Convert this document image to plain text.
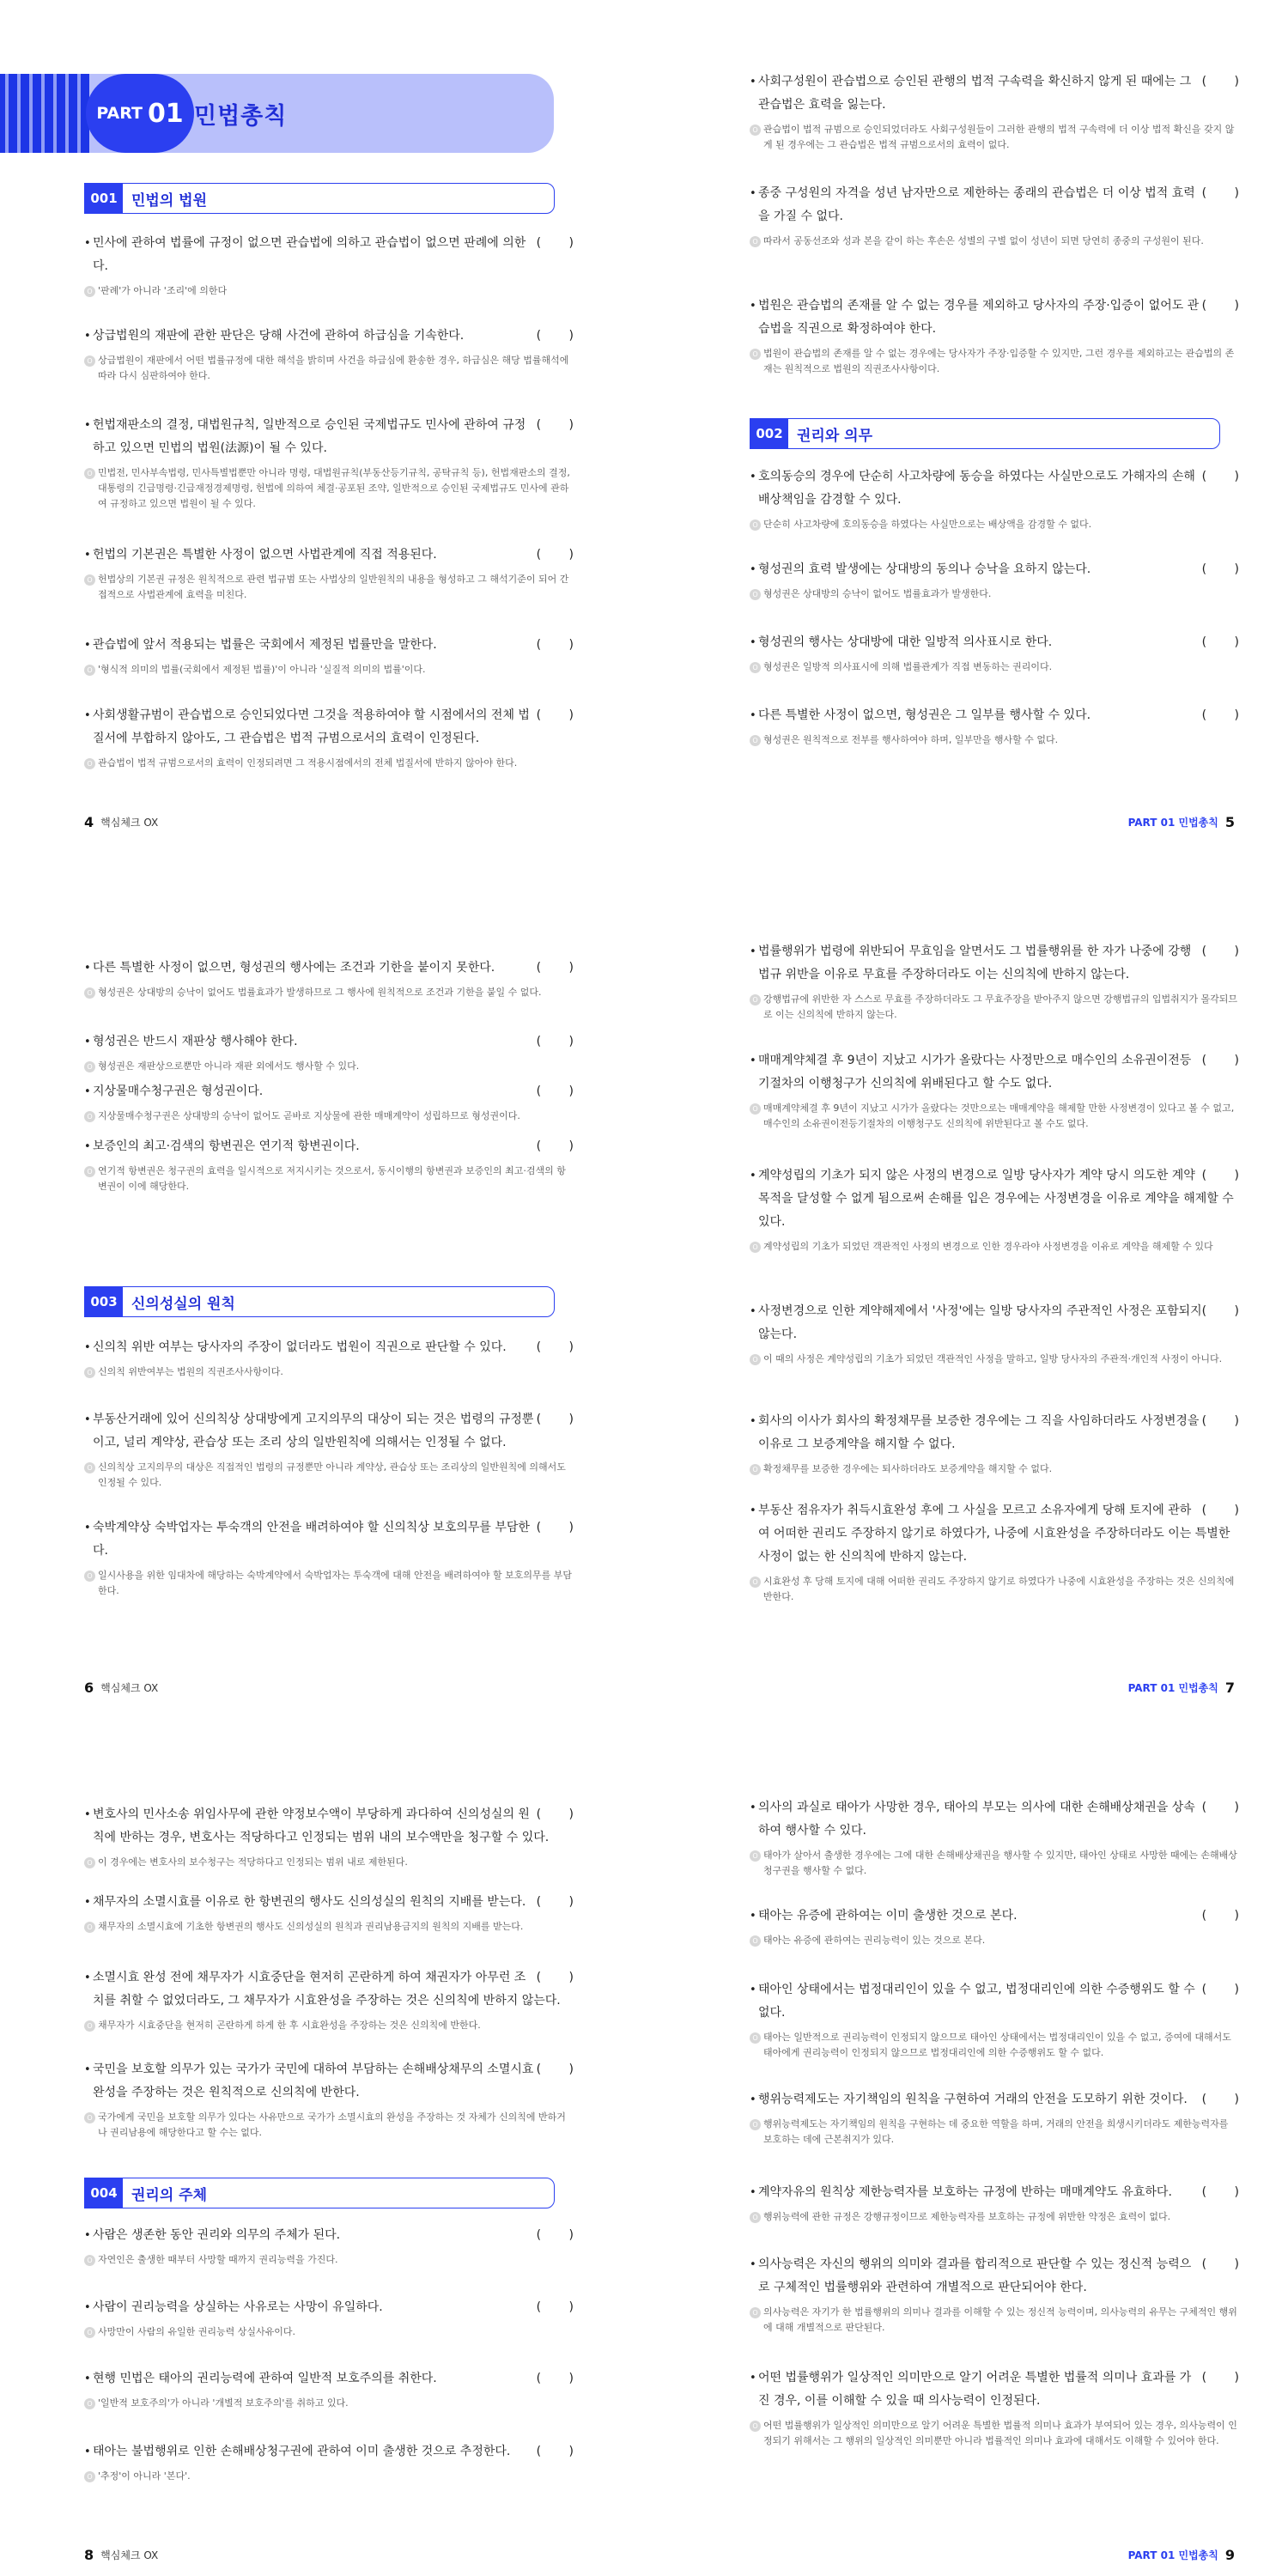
PART 01 민법총칙
001 민법의 법원
• ( )
민사에 관하여 법률에 규정이 없으면 관습법에 의하고 관습법이 없으면 판례에 의한다.
O '판례'가 아니라 '조리'에 의한다
• ( )
상급법원의 재판에 관한 판단은 당해 사건에 관하여 하급심을 기속한다.
O 상급법원이 재판에서 어떤 법률규정에 대한 해석을 밝히며 사건을 하급심에 환송한 경우, 하급심은 해당 법률해석에 따라 다시 심판하여야 한다.
• ( )
헌법재판소의 결정, 대법원규칙, 일반적으로 승인된 국제법규도 민사에 관하여 규정하고 있으면 민법의 법원(法源)이 될 수 있다.
O 민법전, 민사부속법령, 민사특별법뿐만 아니라 명령, 대법원규칙(부동산등기규칙, 공탁규칙 등), 헌법재판소의 결정, 대통령의 긴급명령·긴급재정경제명령, 헌법에 의하여 체결·공포된 조약, 일반적으로 승인된 국제법규도 민사에 관하여 규정하고 있으면 법원이 될 수 있다.
• ( )
헌법의 기본권은 특별한 사정이 없으면 사법관계에 직접 적용된다.
O 헌법상의 기본권 규정은 원칙적으로 관련 법규범 또는 사법상의 일반원칙의 내용을 형성하고 그 해석기준이 되어 간접적으로 사법관계에 효력을 미친다.
• ( )
관습법에 앞서 적용되는 법률은 국회에서 제정된 법률만을 말한다.
O '형식적 의미의 법률(국회에서 제정된 법률)'이 아니라 '실질적 의미의 법률'이다.
• ( )
사회생활규범이 관습법으로 승인되었다면 그것을 적용하여야 할 시점에서의 전체 법질서에 부합하지 않아도, 그 관습법은 법적 규범으로서의 효력이 인정된다.
O 관습법이 법적 규범으로서의 효력이 인정되려면 그 적용시점에서의 전체 법질서에 반하지 않아야 한다.
• ( )
사회구성원이 관습법으로 승인된 관행의 법적 구속력을 확신하지 않게 된 때에는 그 관습법은 효력을 잃는다.
O 관습법이 법적 규범으로 승인되었더라도 사회구성원들이 그러한 관행의 법적 구속력에 더 이상 법적 확신을 갖지 않게 된 경우에는 그 관습법은 법적 규범으로서의 효력이 없다.
• ( )
종중 구성원의 자격을 성년 남자만으로 제한하는 종래의 관습법은 더 이상 법적 효력을 가질 수 없다.
O 따라서 공동선조와 성과 본을 같이 하는 후손은 성별의 구별 없이 성년이 되면 당연히 종중의 구성원이 된다.
• ( )
법원은 관습법의 존재를 알 수 없는 경우를 제외하고 당사자의 주장·입증이 없어도 관습법을 직권으로 확정하여야 한다.
O 법원이 관습법의 존재를 알 수 없는 경우에는 당사자가 주장·입증할 수 있지만, 그런 경우를 제외하고는 관습법의 존재는 원칙적으로 법원의 직권조사사항이다.
002 권리와 의무
• ( )
호의동승의 경우에 단순히 사고차량에 동승을 하였다는 사실만으로도 가해자의 손해배상책임을 감경할 수 있다.
O 단순히 사고차량에 호의동승을 하였다는 사실만으로는 배상액을 감경할 수 없다.
• ( )
형성권의 효력 발생에는 상대방의 동의나 승낙을 요하지 않는다.
O 형성권은 상대방의 승낙이 없어도 법률효과가 발생한다.
• ( )
형성권의 행사는 상대방에 대한 일방적 의사표시로 한다.
O 형성권은 일방적 의사표시에 의해 법률관계가 직접 변동하는 권리이다.
• ( )
다른 특별한 사정이 없으면, 형성권은 그 일부를 행사할 수 있다.
O 형성권은 원칙적으로 전부를 행사하여야 하며, 일부만을 행사할 수 없다.
4 핵심체크 OX	PART 01 민법총칙 5
• ( )
다른 특별한 사정이 없으면, 형성권의 행사에는 조건과 기한을 붙이지 못한다.
O 형성권은 상대방의 승낙이 없어도 법률효과가 발생하므로 그 행사에 원칙적으로 조건과 기한을 붙일 수 없다.
• ( )
형성권은 반드시 재판상 행사해야 한다.
O 형성권은 재판상으로뿐만 아니라 재판 외에서도 행사할 수 있다.
• ( )
지상물매수청구권은 형성권이다.
O 지상물매수청구권은 상대방의 승낙이 없어도 곧바로 지상물에 관한 매매계약이 성립하므로 형성권이다.
• ( )
보증인의 최고·검색의 항변권은 연기적 항변권이다.
O 연기적 항변권은 청구권의 효력을 일시적으로 저지시키는 것으로서, 동시이행의 항변권과 보증인의 최고·검색의 항변권이 이에 해당한다.
003 신의성실의 원칙
• ( )
신의칙 위반 여부는 당사자의 주장이 없더라도 법원이 직권으로 판단할 수 있다.
O 신의칙 위반여부는 법원의 직권조사사항이다.
• ( )
부동산거래에 있어 신의칙상 상대방에게 고지의무의 대상이 되는 것은 법령의 규정뿐이고, 널리 계약상, 관습상 또는 조리 상의 일반원칙에 의해서는 인정될 수 없다.
O 신의칙상 고지의무의 대상은 직접적인 법령의 규정뿐만 아니라 계약상, 관습상 또는 조리상의 일반원칙에 의해서도 인정될 수 있다.
• ( )
숙박계약상 숙박업자는 투숙객의 안전을 배려하여야 할 신의칙상 보호의무를 부담한다.
O 일시사용을 위한 임대차에 해당하는 숙박계약에서 숙박업자는 투숙객에 대해 안전을 배려하여야 할 보호의무를 부담한다.
• ( )
법률행위가 법령에 위반되어 무효임을 알면서도 그 법률행위를 한 자가 나중에 강행법규 위반을 이유로 무효를 주장하더라도 이는 신의칙에 반하지 않는다.
O 강행법규에 위반한 자 스스로 무효를 주장하더라도 그 무효주장을 받아주지 않으면 강행법규의 입법취지가 몰각되므로 이는 신의칙에 반하지 않는다.
• ( )
매매계약체결 후 9년이 지났고 시가가 올랐다는 사정만으로 매수인의 소유권이전등기절차의 이행청구가 신의칙에 위배된다고 할 수도 없다.
O 매매계약체결 후 9년이 지났고 시가가 올랐다는 것만으로는 매매계약을 해제할 만한 사정변경이 있다고 볼 수 없고, 매수인의 소유권이전등기절차의 이행청구도 신의칙에 위반된다고 볼 수도 없다.
• ( )
계약성립의 기초가 되지 않은 사정의 변경으로 일방 당사자가 계약 당시 의도한 계약목적을 달성할 수 없게 됨으로써 손해를 입은 경우에는 사정변경을 이유로 계약을 해제할 수 있다.
O 계약성립의 기초가 되었던 객관적인 사정의 변경으로 인한 경우라야 사정변경을 이유로 계약을 해제할 수 있다
• ( )
사정변경으로 인한 계약해제에서 '사정'에는 일방 당사자의 주관적인 사정은 포함되지 않는다.
O 이 때의 사정은 계약성립의 기초가 되었던 객관적인 사정을 말하고, 일방 당사자의 주관적·개인적 사정이 아니다.
• ( )
회사의 이사가 회사의 확정채무를 보증한 경우에는 그 직을 사임하더라도 사정변경을 이유로 그 보증계약을 해지할 수 없다.
O 확정채무를 보증한 경우에는 퇴사하더라도 보증계약을 해지할 수 없다.
• ( )
부동산 점유자가 취득시효완성 후에 그 사실을 모르고 소유자에게 당해 토지에 관하여 어떠한 권리도 주장하지 않기로 하였다가, 나중에 시효완성을 주장하더라도 이는 특별한 사정이 없는 한 신의칙에 반하지 않는다.
O 시효완성 후 당해 토지에 대해 어떠한 권리도 주장하지 않기로 하였다가 나중에 시효완성을 주장하는 것은 신의칙에 반한다.
6 핵심체크 OX	PART 01 민법총칙 7
• ( )
변호사의 민사소송 위임사무에 관한 약정보수액이 부당하게 과다하여 신의성실의 원칙에 반하는 경우, 변호사는 적당하다고 인정되는 범위 내의 보수액만을 청구할 수 있다.
O 이 경우에는 변호사의 보수청구는 적당하다고 인정되는 범위 내로 제한된다.
• ( )
채무자의 소멸시효를 이유로 한 항변권의 행사도 신의성실의 원칙의 지배를 받는다.
O 채무자의 소멸시효에 기초한 항변권의 행사도 신의성실의 원칙과 권리남용금지의 원칙의 지배를 받는다.
• ( )
소멸시효 완성 전에 채무자가 시효중단을 현저히 곤란하게 하여 채권자가 아무런 조치를 취할 수 없었더라도, 그 채무자가 시효완성을 주장하는 것은 신의칙에 반하지 않는다.
O 채무자가 시효중단을 현저히 곤란하게 하게 한 후 시효완성을 주장하는 것은 신의칙에 반한다.
• ( )
국민을 보호할 의무가 있는 국가가 국민에 대하여 부담하는 손해배상채무의 소멸시효 완성을 주장하는 것은 원칙적으로 신의칙에 반한다.
O 국가에게 국민을 보호할 의무가 있다는 사유만으로 국가가 소멸시효의 완성을 주장하는 것 자체가 신의칙에 반하거나 권리남용에 해당한다고 할 수는 없다.
004 권리의 주체
• ( )
사람은 생존한 동안 권리와 의무의 주체가 된다.
O 자연인은 출생한 때부터 사망할 때까지 권리능력을 가진다.
• ( )
사람이 권리능력을 상실하는 사유로는 사망이 유일하다.
O 사망만이 사람의 유일한 권리능력 상실사유이다.
• ( )
현행 민법은 태아의 권리능력에 관하여 일반적 보호주의를 취한다.
O '일반적 보호주의'가 아니라 '개별적 보호주의'를 취하고 있다.
• ( )
태아는 불법행위로 인한 손해배상청구권에 관하여 이미 출생한 것으로 추정한다.
O '추정'이 아니라 '본다'.
• ( )
의사의 과실로 태아가 사망한 경우, 태아의 부모는 의사에 대한 손해배상채권을 상속하여 행사할 수 있다.
O 태아가 살아서 출생한 경우에는 그에 대한 손해배상채권을 행사할 수 있지만, 태아인 상태로 사망한 때에는 손해배상청구권을 행사할 수 없다.
• ( )
태아는 유증에 관하여는 이미 출생한 것으로 본다.
O 태아는 유증에 관하여는 권리능력이 있는 것으로 본다.
• ( )
태아인 상태에서는 법정대리인이 있을 수 없고, 법정대리인에 의한 수증행위도 할 수 없다.
O 태아는 일반적으로 권리능력이 인정되지 않으므로 태아인 상태에서는 법정대리인이 있을 수 없고, 증여에 대해서도 태아에게 권리능력이 인정되지 않으므로 법정대리인에 의한 수증행위도 할 수 없다.
• ( )
행위능력제도는 자기책임의 원칙을 구현하여 거래의 안전을 도모하기 위한 것이다.
O 행위능력제도는 자기책임의 원칙을 구현하는 데 중요한 역할을 하며, 거래의 안전을 희생시키더라도 제한능력자를 보호하는 데에 근본취지가 있다.
• ( )
계약자유의 원칙상 제한능력자를 보호하는 규정에 반하는 매매계약도 유효하다.
O 행위능력에 관한 규정은 강행규정이므로 제한능력자를 보호하는 규정에 위반한 약정은 효력이 없다.
• ( )
의사능력은 자신의 행위의 의미와 결과를 합리적으로 판단할 수 있는 정신적 능력으로 구체적인 법률행위와 관련하여 개별적으로 판단되어야 한다.
O 의사능력은 자기가 한 법률행위의 의미나 결과를 이해할 수 있는 정신적 능력이며, 의사능력의 유무는 구체적인 행위에 대해 개별적으로 판단된다.
• ( )
어떤 법률행위가 일상적인 의미만으로 알기 어려운 특별한 법률적 의미나 효과를 가진 경우, 이를 이해할 수 있을 때 의사능력이 인정된다.
O 어떤 법률행위가 일상적인 의미만으로 알기 어려운 특별한 법률적 의미나 효과가 부여되어 있는 경우, 의사능력이 인정되기 위해서는 그 행위의 일상적인 의미뿐만 아니라 법률적인 의미나 효과에 대해서도 이해할 수 있어야 한다.
8 핵심체크 OX	PART 01 민법총칙 9
